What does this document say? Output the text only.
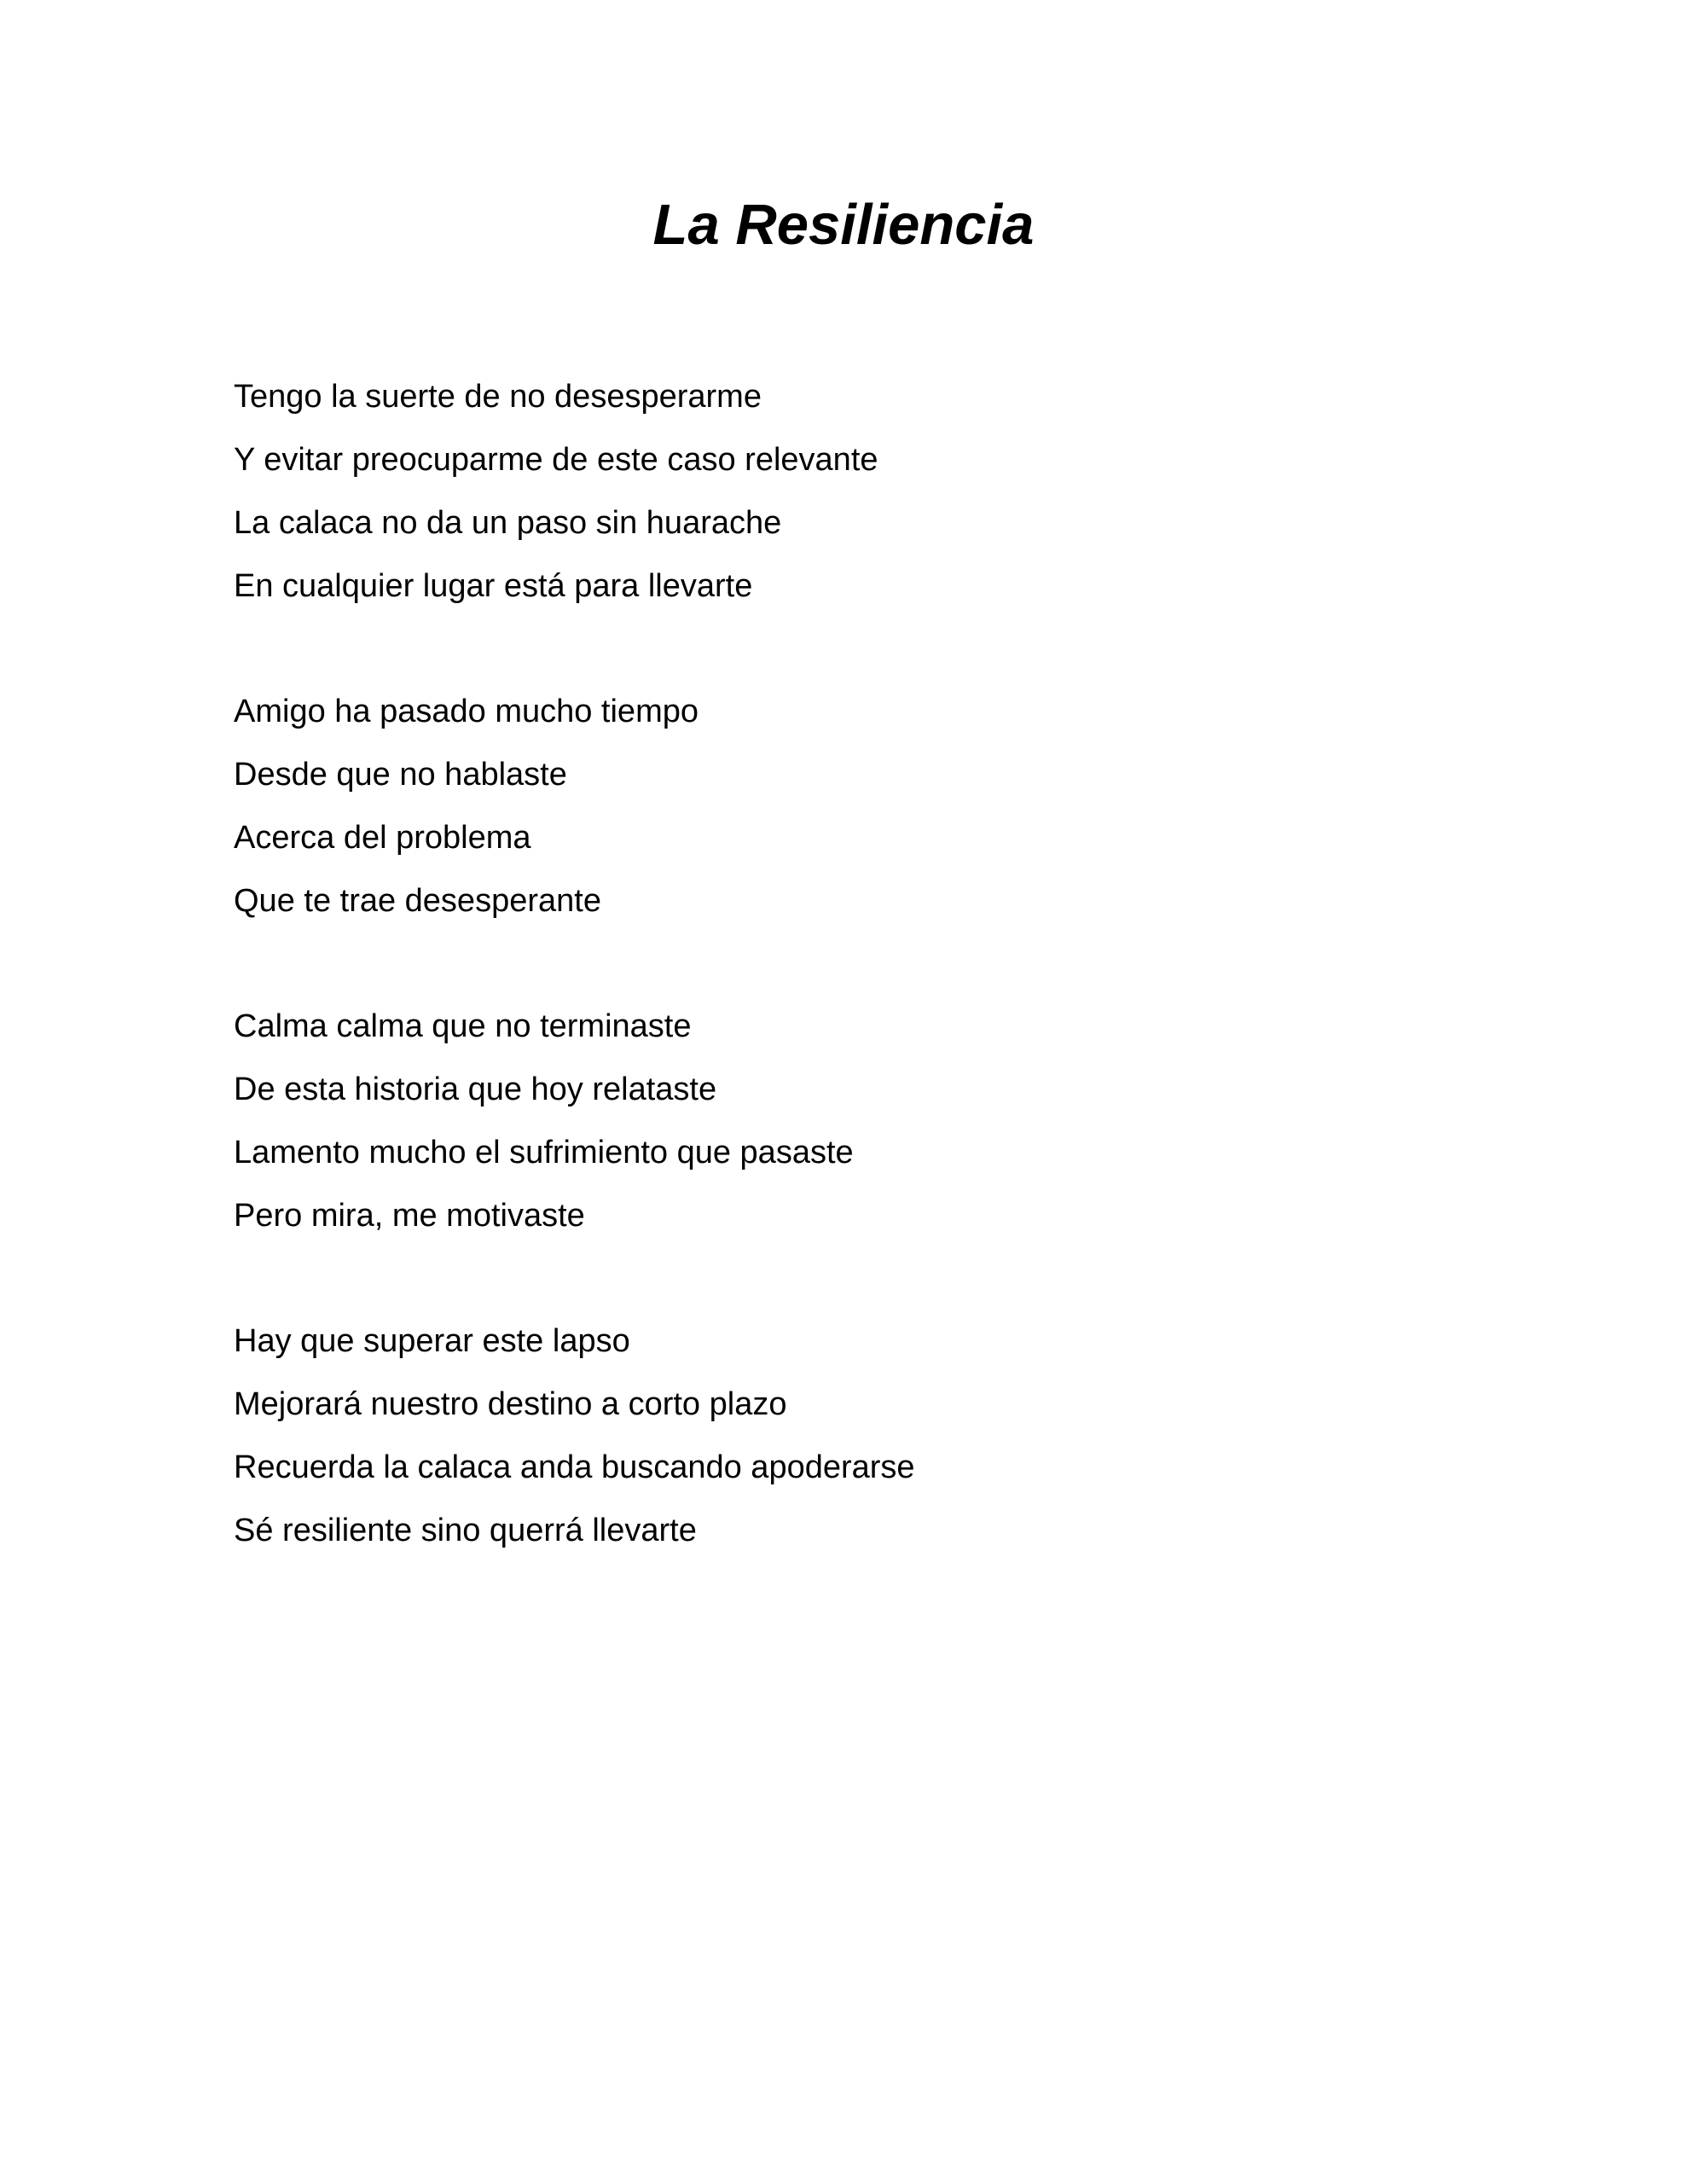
La Resiliencia
Tengo la suerte de no desesperarme
Y evitar preocuparme de este caso relevante
La calaca no da un paso sin huarache
En cualquier lugar está para llevarte
Amigo ha pasado mucho tiempo
Desde que no hablaste
Acerca del problema
Que te trae desesperante
Calma calma que no terminaste
De esta historia que hoy relataste
Lamento mucho el sufrimiento que pasaste
Pero mira, me motivaste
Hay que superar este lapso
Mejorará nuestro destino a corto plazo
Recuerda la calaca anda buscando apoderarse
Sé resiliente sino querrá llevarte
